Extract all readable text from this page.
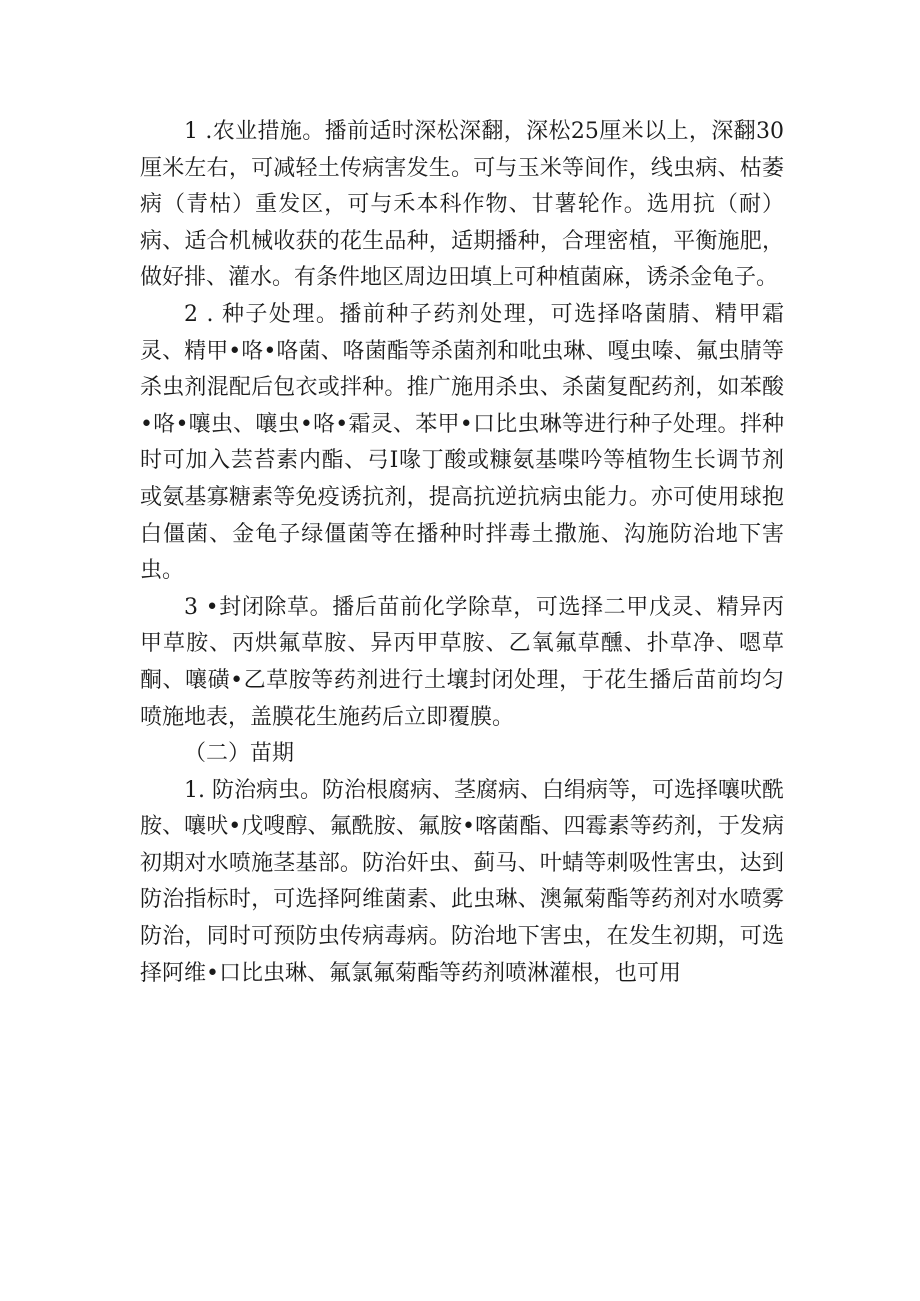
1 .农业措施。播前适时深松深翻，深松25厘米以上，深翻30厘米左右，可减轻土传病害发生。可与玉米等间作，线虫病、枯萎病（青枯）重发区，可与禾本科作物、甘薯轮作。选用抗（耐）病、适合机械收获的花生品种，适期播种，合理密植，平衡施肥，做好排、灌水。有条件地区周边田填上可种植菌麻，诱杀金龟子。

2 . 种子处理。播前种子药剂处理，可选择咯菌腈、精甲霜灵、精甲•咯•咯菌、咯菌酯等杀菌剂和吡虫琳、嘎虫嗪、氟虫腈等杀虫剂混配后包衣或拌种。推广施用杀虫、杀菌复配药剂，如苯酸•咯•嚷虫、嚷虫•咯•霜灵、苯甲•口比虫琳等进行种子处理。拌种时可加入芸苔素内酯、弓I喙丁酸或糠氨基喋吟等植物生长调节剂或氨基寡糖素等免疫诱抗剂，提高抗逆抗病虫能力。亦可使用球抱白僵菌、金龟子绿僵菌等在播种时拌毒土撒施、沟施防治地下害虫。

3 •封闭除草。播后苗前化学除草，可选择二甲戊灵、精异丙甲草胺、丙烘氟草胺、异丙甲草胺、乙氧氟草醺、扑草净、嗯草酮、嚷磺•乙草胺等药剂进行土壤封闭处理，于花生播后苗前均匀喷施地表，盖膜花生施药后立即覆膜。

（二）苗期

1. 防治病虫。防治根腐病、茎腐病、白绢病等，可选择嚷吠酰胺、嚷吠•戊嗖醇、氟酰胺、氟胺•喀菌酯、四霉素等药剂，于发病初期对水喷施茎基部。防治奸虫、蓟马、叶蜻等刺吸性害虫，达到防治指标时，可选择阿维菌素、此虫琳、澳氟菊酯等药剂对水喷雾防治，同时可预防虫传病毒病。防治地下害虫，在发生初期，可选择阿维•口比虫琳、氟氯氟菊酯等药剂喷淋灌根，也可用
